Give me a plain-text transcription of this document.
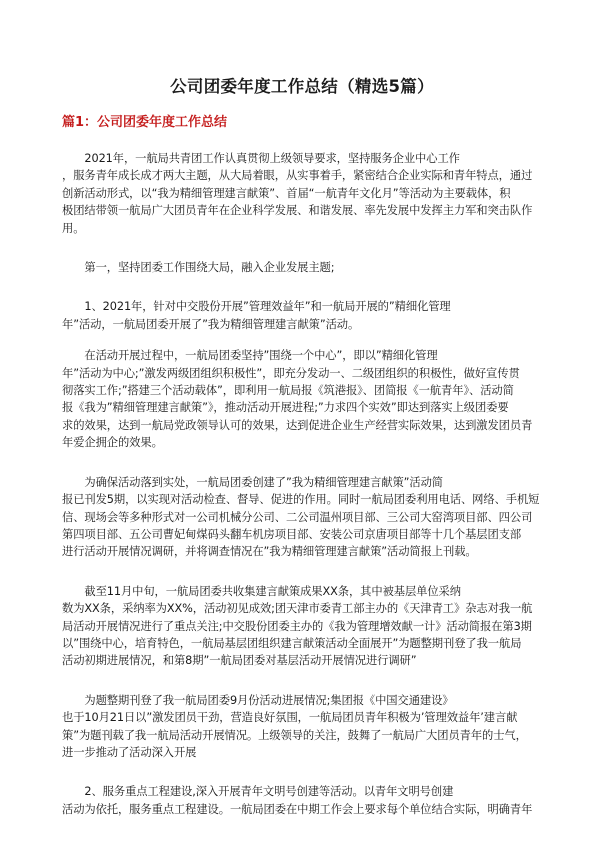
公司团委年度工作总结（精选5篇）
篇1：公司团委年度工作总结

　　2021年，一航局共青团工作认真贯彻上级领导要求，坚持服务企业中心工作
，服务青年成长成才两大主题，从大局着眼，从实事着手，紧密结合企业实际和青年特点，通过
创新活动形式，以“我为精细管理建言献策”、首届“一航青年文化月”等活动为主要载体，积
极团结带领一航局广大团员青年在企业科学发展、和谐发展、率先发展中发挥主力军和突击队作
用。

　　第一，坚持团委工作围绕大局，融入企业发展主题;

　　1、2021年，针对中交股份开展”管理效益年”和一航局开展的”精细化管理
年”活动，一航局团委开展了”我为精细管理建言献策”活动。

　　在活动开展过程中，一航局团委坚持”围绕一个中心”，即以”精细化管理
年”活动为中心;”激发两级团组织积极性”，即充分发动一、二级团组织的积极性，做好宣传贯
彻落实工作;”搭建三个活动载体”，即利用一航局报《筑港报》、团简报《一航青年》、活动简
报《我为”精细管理建言献策”》，推动活动开展进程;”力求四个实效”即达到落实上级团委要
求的效果，达到一航局党政领导认可的效果，达到促进企业生产经营实际效果，达到激发团员青
年爱企拥企的效果。

　　为确保活动落到实处，一航局团委创建了”我为精细管理建言献策”活动简
报已刊发5期，以实现对活动检查、督导、促进的作用。同时一航局团委利用电话、网络、手机短
信、现场会等多种形式对一公司机械分公司、二公司温州项目部、三公司大窑湾项目部、四公司
第四项目部、五公司曹妃甸煤码头翻车机房项目部、安装公司京唐项目部等十几个基层团支部
进行活动开展情况调研，并将调查情况在”我为精细管理建言献策”活动简报上刊载。

　　截至11月中旬，一航局团委共收集建言献策成果XX条，其中被基层单位采纳
数为XX条，采纳率为XX%，活动初见成效;团天津市委青工部主办的《天津青工》杂志对我一航
局活动开展情况进行了重点关注;中交股份团委主办的《我为管理增效献一计》活动简报在第3期
以”围绕中心，培育特色，一航局基层团组织建言献策活动全面展开”为题整期刊登了我一航局
活动初期进展情况，和第8期”一航局团委对基层活动开展情况进行调研”

　　为题整期刊登了我一航局团委9月份活动进展情况;集团报《中国交通建设》
也于10月21日以”激发团员干劲，营造良好氛围，一航局团员青年积极为’管理效益年’建言献
策”为题刊载了我一航局活动开展情况。上级领导的关注，鼓舞了一航局广大团员青年的士气，
进一步推动了活动深入开展

　　2、服务重点工程建设,深入开展青年文明号创建等活动。以青年文明号创建
活动为依托，服务重点工程建设。一航局团委在中期工作会上要求每个单位结合实际，明确青年
